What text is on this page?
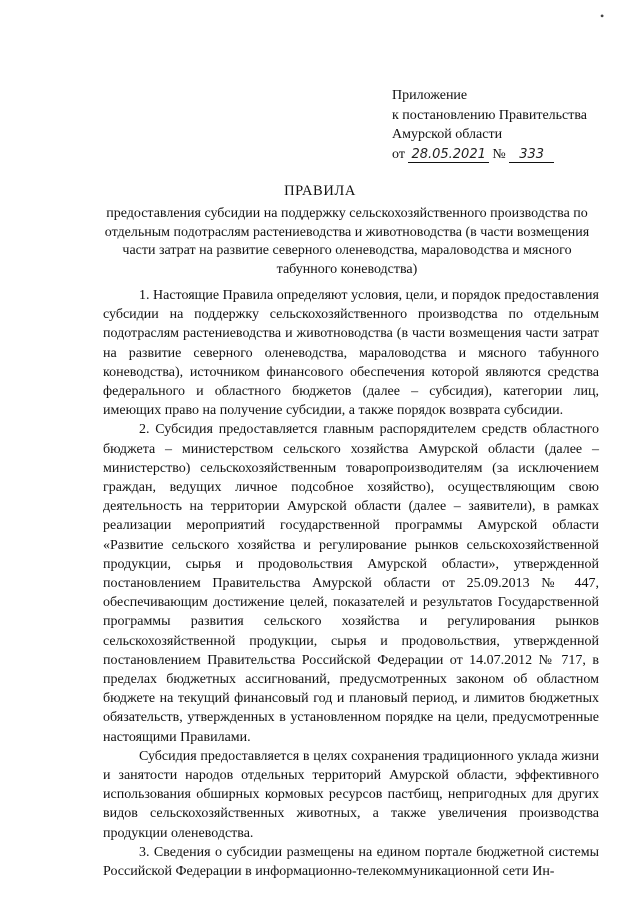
•
Приложение
к постановлению Правительства
Амурской области
от 28.05.2021 № 333
ПРАВИЛА
предоставления субсидии на поддержку сельскохозяйственного производства по отдельным подотраслям растениеводства и животноводства (в части возмещения части затрат на развитие северного оленеводства, мараловодства и мясного табунного коневодства)

1. Настоящие Правила определяют условия, цели, и порядок предоставления субсидии на поддержку сельскохозяйственного производства по отдельным подотраслям растениеводства и животноводства (в части возмещения части затрат на развитие северного оленеводства, мараловодства и мясного табунного коневодства), источником финансового обеспечения которой являются средства федерального и областного бюджетов (далее – субсидия), категории лиц, имеющих право на получение субсидии, а также порядок возврата субсидии.

2. Субсидия предоставляется главным распорядителем средств областного бюджета – министерством сельского хозяйства Амурской области (далее – министерство) сельскохозяйственным товаропроизводителям (за исключением граждан, ведущих личное подсобное хозяйство), осуществляющим свою деятельность на территории Амурской области (далее – заявители), в рамках реализации мероприятий государственной программы Амурской области «Развитие сельского хозяйства и регулирование рынков сельскохозяйственной продукции, сырья и продовольствия Амурской области», утвержденной постановлением Правительства Амурской области от 25.09.2013 № 447, обеспечивающим достижение целей, показателей и результатов Государственной программы развития сельского хозяйства и регулирования рынков сельскохозяйственной продукции, сырья и продовольствия, утвержденной постановлением Правительства Российской Федерации от 14.07.2012 № 717, в пределах бюджетных ассигнований, предусмотренных законом об областном бюджете на текущий финансовый год и плановый период, и лимитов бюджетных обязательств, утвержденных в установленном порядке на цели, предусмотренные настоящими Правилами.

Субсидия предоставляется в целях сохранения традиционного уклада жизни и занятости народов отдельных территорий Амурской области, эффективного использования обширных кормовых ресурсов пастбищ, непригодных для других видов сельскохозяйственных животных, а также увеличения производства продукции оленеводства.

3. Сведения о субсидии размещены на едином портале бюджетной системы Российской Федерации в информационно-телекоммуникационной сети Ин-
